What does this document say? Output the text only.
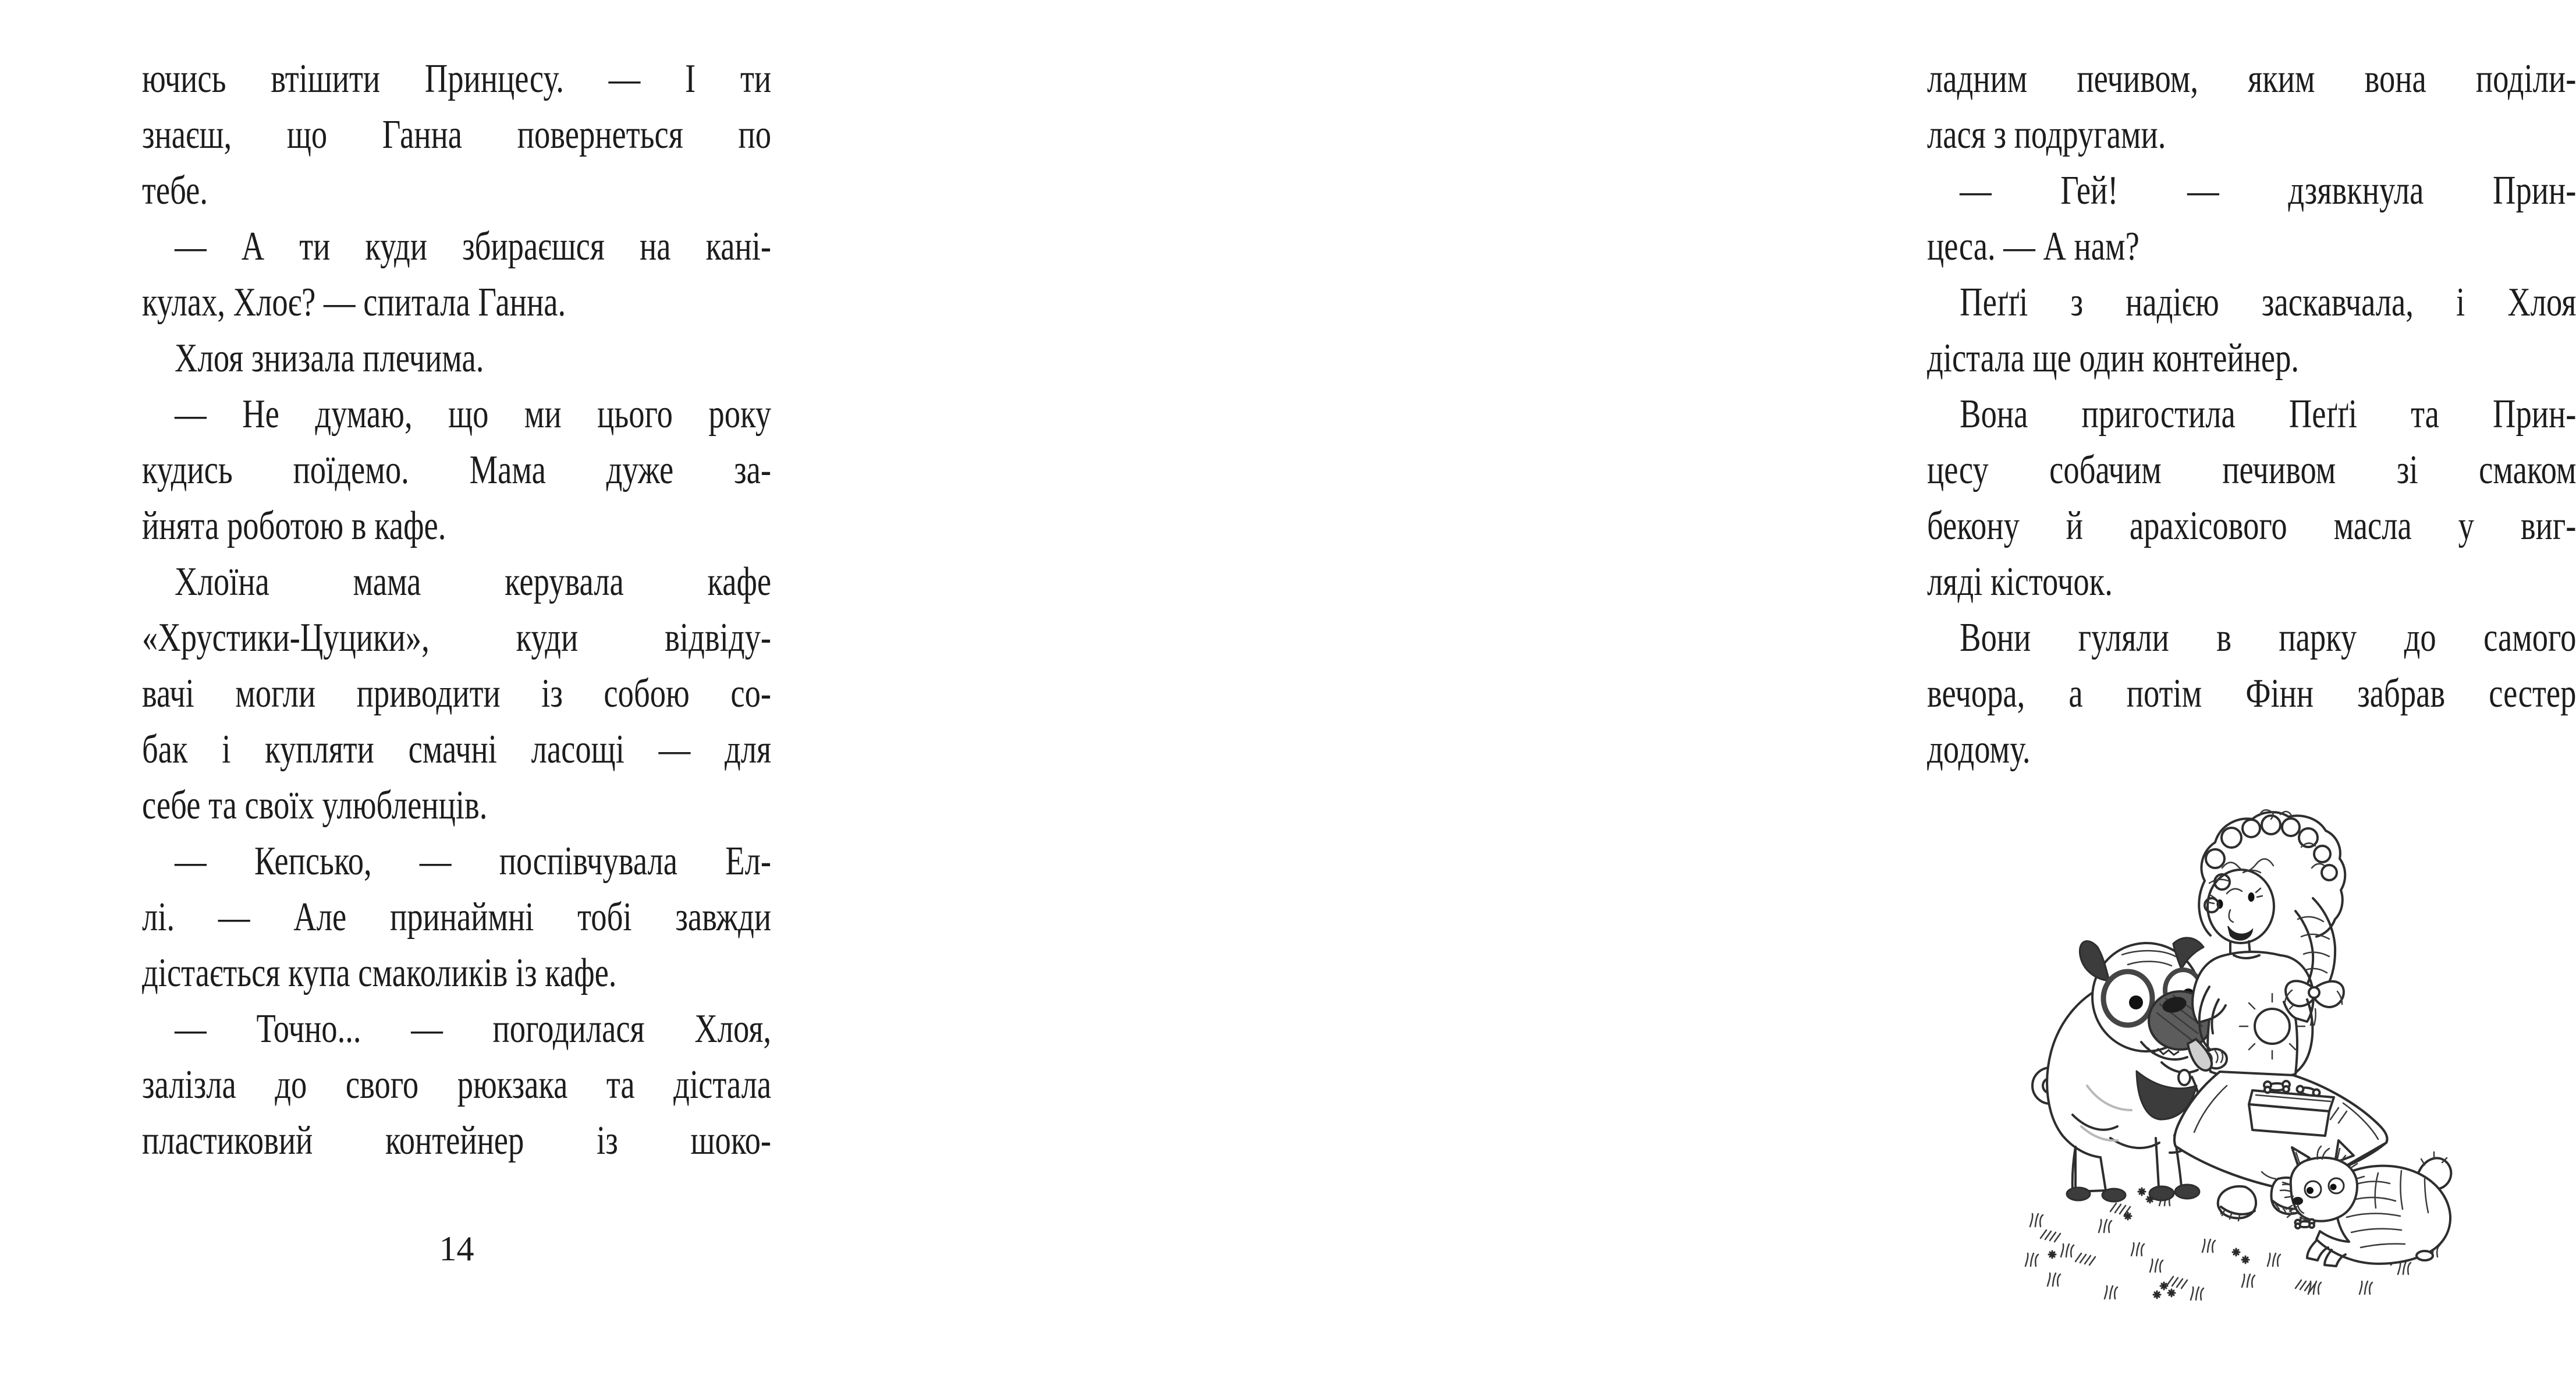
ючись втішити Принцесу. — І ти
знаєш, що Ганна повернеться по
тебе.
— А ти куди збираєшся на кані-
кулах, Хлоє? — спитала Ганна.
Хлоя знизала плечима.
— Не думаю, що ми цього року
кудись поїдемо. Мама дуже за-
йнята роботою в кафе.
Хлоїна мама керувала кафе
«Хрустики-Цуцики», куди відвіду-
вачі могли приводити із собою со-
бак і купляти смачні ласощі — для
себе та своїх улюбленців.
— Кепсько, — поспівчувала Ел-
лі. — Але принаймні тобі завжди
дістається купа смаколиків із кафе.
— Точно... — погодилася Хлоя,
залізла до свого рюкзака та дістала
пластиковий контейнер із шоко-
14
ладним печивом, яким вона поділи-
лася з подругами.
— Гей! — дзявкнула Прин-
цеса. — А нам?
Пеґґі з надією заскавчала, і Хлоя
дістала ще один контейнер.
Вона пригостила Пеґґі та Прин-
цесу собачим печивом зі смаком
бекону й арахісового масла у виг-
ляді кісточок.
Вони гуляли в парку до самого
вечора, а потім Фінн забрав сестер
додому.
